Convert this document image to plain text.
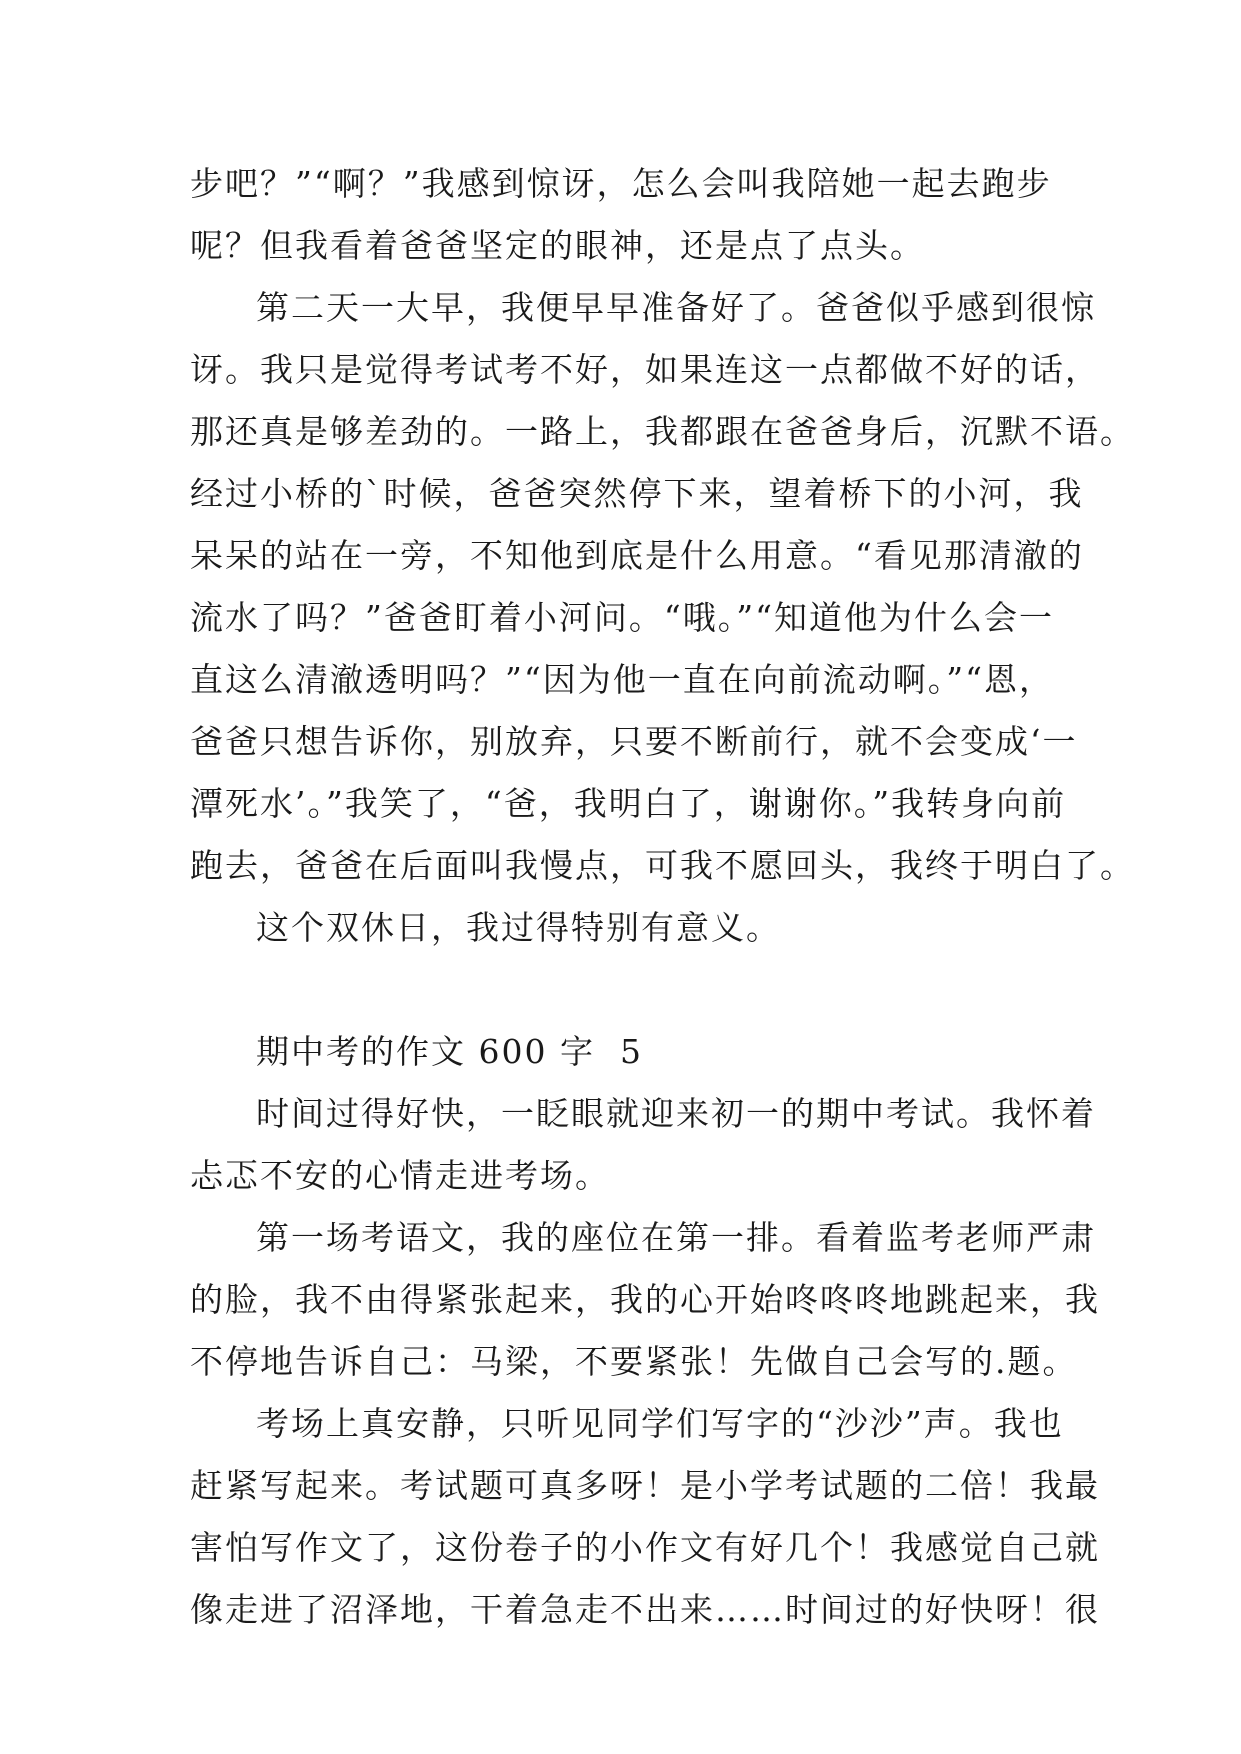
步吧？”“啊？”我感到惊讶，怎么会叫我陪她一起去跑步
呢？但我看着爸爸坚定的眼神，还是点了点头。
第二天一大早，我便早早准备好了。爸爸似乎感到很惊
讶。我只是觉得考试考不好，如果连这一点都做不好的话，
那还真是够差劲的。一路上，我都跟在爸爸身后，沉默不语。
经过小桥的`时候，爸爸突然停下来，望着桥下的小河，我
呆呆的站在一旁，不知他到底是什么用意。“看见那清澈的
流水了吗？”爸爸盯着小河问。“哦。”“知道他为什么会一
直这么清澈透明吗？”“因为他一直在向前流动啊。”“恩，
爸爸只想告诉你，别放弃，只要不断前行，就不会变成‘一
潭死水’。”我笑了，“爸，我明白了，谢谢你。”我转身向前
跑去，爸爸在后面叫我慢点，可我不愿回头，我终于明白了。
这个双休日，我过得特别有意义。
期中考的作文 600 字  5
时间过得好快，一眨眼就迎来初一的期中考试。我怀着
忐忑不安的心情走进考场。
第一场考语文，我的座位在第一排。看着监考老师严肃
的脸，我不由得紧张起来，我的心开始咚咚咚地跳起来，我
不停地告诉自己：马梁，不要紧张！先做自己会写的.题。
考场上真安静，只听见同学们写字的“沙沙”声。我也
赶紧写起来。考试题可真多呀！是小学考试题的二倍！我最
害怕写作文了，这份卷子的小作文有好几个！我感觉自己就
像走进了沼泽地，干着急走不出来……时间过的好快呀！很
